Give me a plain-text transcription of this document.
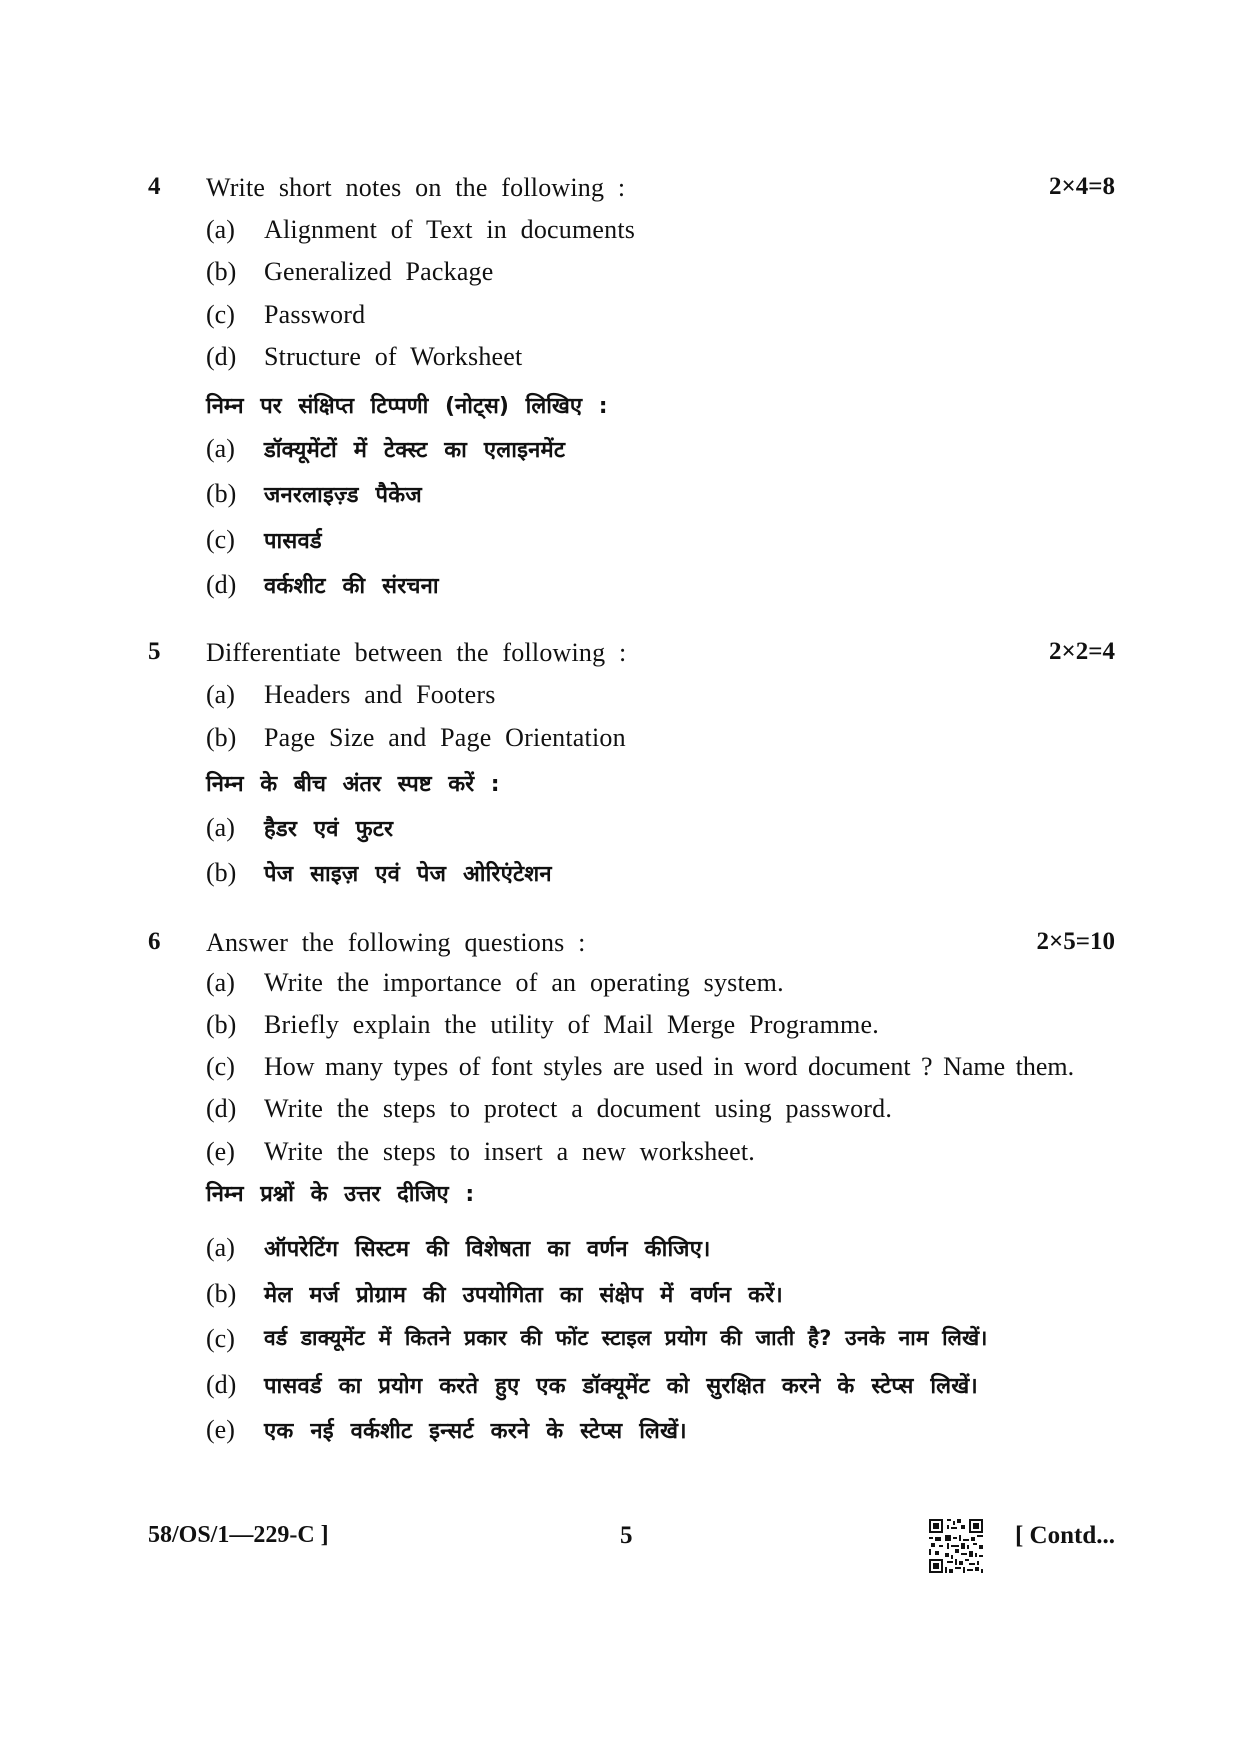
4 Write short notes on the following :	2×4=8
(a) Alignment of Text in documents
(b) Generalized Package
(c) Password
(d) Structure of Worksheet
निम्न पर संक्षिप्त टिप्पणी (नोट्स) लिखिए :
(a) डॉक्यूमेंटों में टेक्स्ट का एलाइनमेंट
(b) जनरलाइज़्ड पैकेज
(c) पासवर्ड
(d) वर्कशीट की संरचना
5 Differentiate between the following :	2×2=4
(a) Headers and Footers
(b) Page Size and Page Orientation
निम्न के बीच अंतर स्पष्ट करें :
(a) हैडर एवं फुटर
(b) पेज साइज़ एवं पेज ओरिएंटेशन
6 Answer the following questions :	2×5=10
(a) Write the importance of an operating system.
(b) Briefly explain the utility of Mail Merge Programme.
(c) How many types of font styles are used in word document ? Name them.
(d) Write the steps to protect a document using password.
(e) Write the steps to insert a new worksheet.
निम्न प्रश्नों के उत्तर दीजिए :
(a) ऑपरेटिंग सिस्टम की विशेषता का वर्णन कीजिए।
(b) मेल मर्ज प्रोग्राम की उपयोगिता का संक्षेप में वर्णन करें।
(c) वर्ड डाक्यूमेंट में कितने प्रकार की फोंट स्टाइल प्रयोग की जाती है? उनके नाम लिखें।
(d) पासवर्ड का प्रयोग करते हुए एक डॉक्यूमेंट को सुरक्षित करने के स्टेप्स लिखें।
(e) एक नई वर्कशीट इन्सर्ट करने के स्टेप्स लिखें।
58/OS/1—229-C ]	5	[ Contd...
